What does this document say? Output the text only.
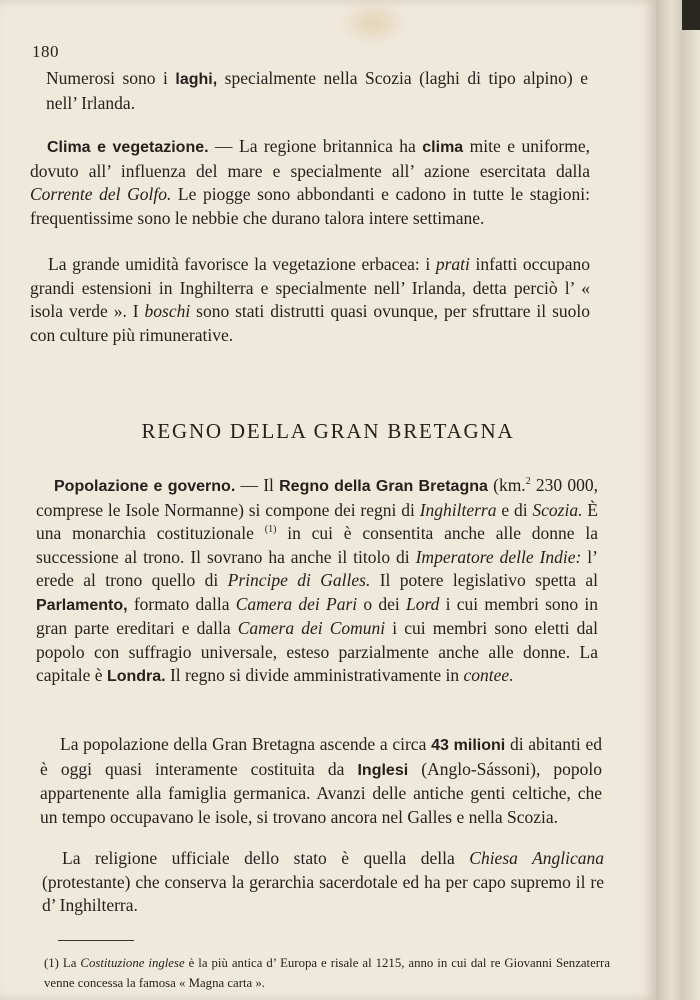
180

Numerosi sono i laghi, specialmente nella Scozia (laghi di tipo alpino) e nell’ Irlanda.

Clima e vegetazione. — La regione britannica ha clima mite e uniforme, dovuto all’ influenza del mare e specialmente all’ azione esercitata dalla Corrente del Golfo. Le piogge sono abbondanti e cadono in tutte le stagioni: frequentissime sono le nebbie che durano talora intere settimane.

La grande umidità favorisce la vegetazione erbacea: i prati infatti occupano grandi estensioni in Inghilterra e specialmente nell’ Irlanda, detta perciò l’ « isola verde ». I boschi sono stati distrutti quasi ovunque, per sfruttare il suolo con culture più rimunerative.

REGNO DELLA GRAN BRETAGNA

Popolazione e governo. — Il Regno della Gran Bretagna (km.$^2$ 230 000, comprese le Isole Normanne) si compone dei regni di Inghilterra e di Scozia. È una monarchia costituzionale $^{(1)}$ in cui è consentita anche alle donne la successione al trono. Il sovrano ha anche il titolo di Imperatore delle Indie: l’ erede al trono quello di Principe di Galles. Il potere legislativo spetta al Parlamento, formato dalla Camera dei Pari o dei Lord i cui membri sono in gran parte ereditari e dalla Camera dei Comuni i cui membri sono eletti dal popolo con suffragio universale, esteso parzialmente anche alle donne. La capitale è Londra. Il regno si divide amministrativamente in contee.

La popolazione della Gran Bretagna ascende a circa 43 milioni di abitanti ed è oggi quasi interamente costituita da Inglesi (Anglo-Sássoni), popolo appartenente alla famiglia germanica. Avanzi delle antiche genti celtiche, che un tempo occupavano le isole, si trovano ancora nel Galles e nella Scozia.

La religione ufficiale dello stato è quella della Chiesa Anglicana (protestante) che conserva la gerarchia sacerdotale ed ha per capo supremo il re d’ Inghilterra.

(1) La Costituzione inglese è la più antica d’ Europa e risale al 1215, anno in cui dal re Giovanni Senzaterra venne concessa la famosa « Magna carta ».
